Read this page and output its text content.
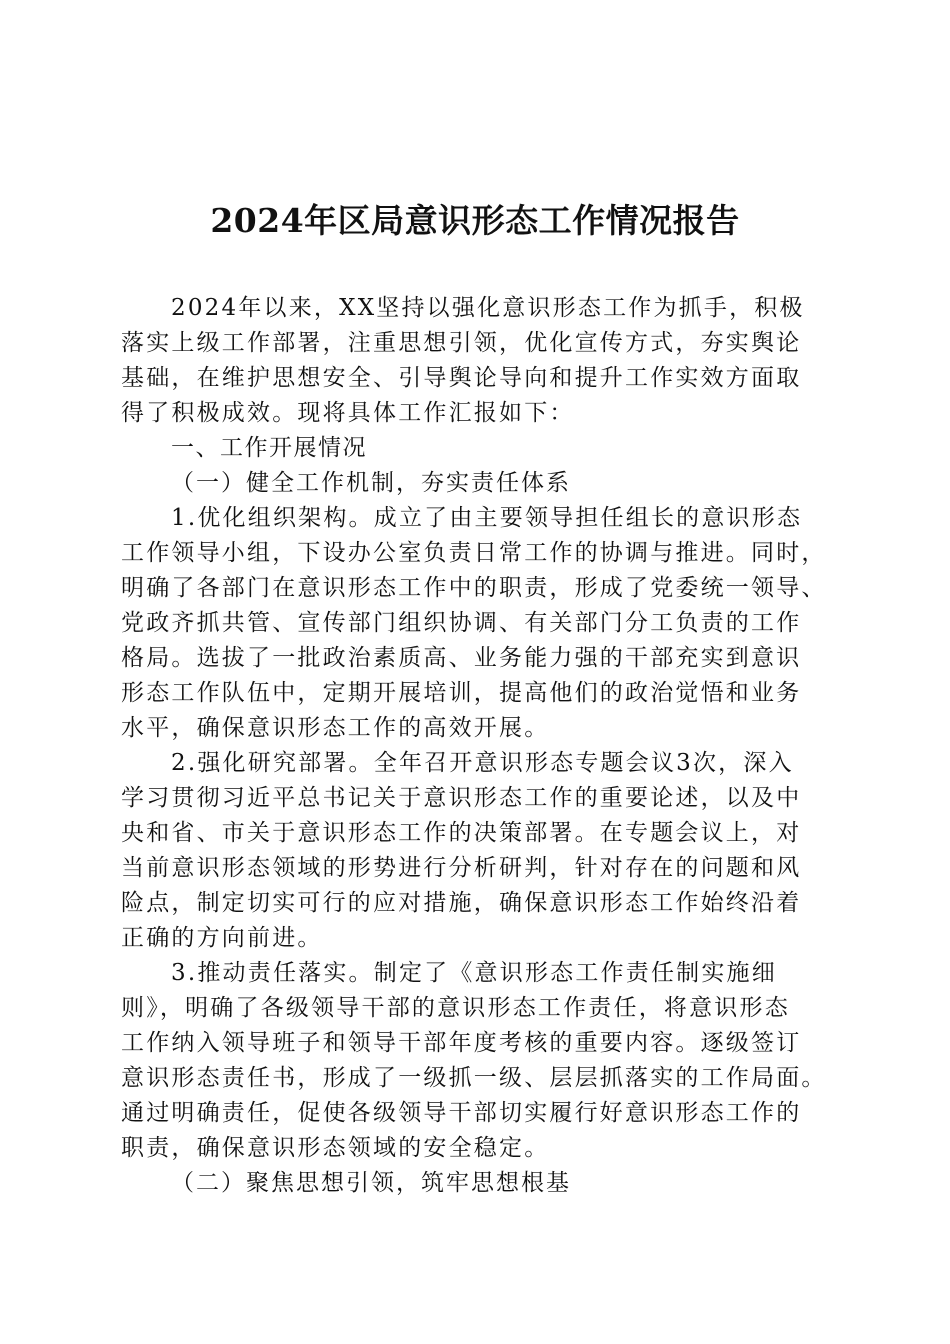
2024年区局意识形态工作情况报告
2024年以来，XX坚持以强化意识形态工作为抓手，积极
落实上级工作部署，注重思想引领，优化宣传方式，夯实舆论
基础，在维护思想安全、引导舆论导向和提升工作实效方面取
得了积极成效。现将具体工作汇报如下：
一、工作开展情况
（一）健全工作机制，夯实责任体系
1.优化组织架构。成立了由主要领导担任组长的意识形态
工作领导小组，下设办公室负责日常工作的协调与推进。同时，
明确了各部门在意识形态工作中的职责，形成了党委统一领导、
党政齐抓共管、宣传部门组织协调、有关部门分工负责的工作
格局。选拔了一批政治素质高、业务能力强的干部充实到意识
形态工作队伍中，定期开展培训，提高他们的政治觉悟和业务
水平，确保意识形态工作的高效开展。
2.强化研究部署。全年召开意识形态专题会议3次，深入
学习贯彻习近平总书记关于意识形态工作的重要论述，以及中
央和省、市关于意识形态工作的决策部署。在专题会议上，对
当前意识形态领域的形势进行分析研判，针对存在的问题和风
险点，制定切实可行的应对措施，确保意识形态工作始终沿着
正确的方向前进。
3.推动责任落实。制定了《意识形态工作责任制实施细
则》，明确了各级领导干部的意识形态工作责任，将意识形态
工作纳入领导班子和领导干部年度考核的重要内容。逐级签订
意识形态责任书，形成了一级抓一级、层层抓落实的工作局面。
通过明确责任，促使各级领导干部切实履行好意识形态工作的
职责，确保意识形态领域的安全稳定。
（二）聚焦思想引领，筑牢思想根基
